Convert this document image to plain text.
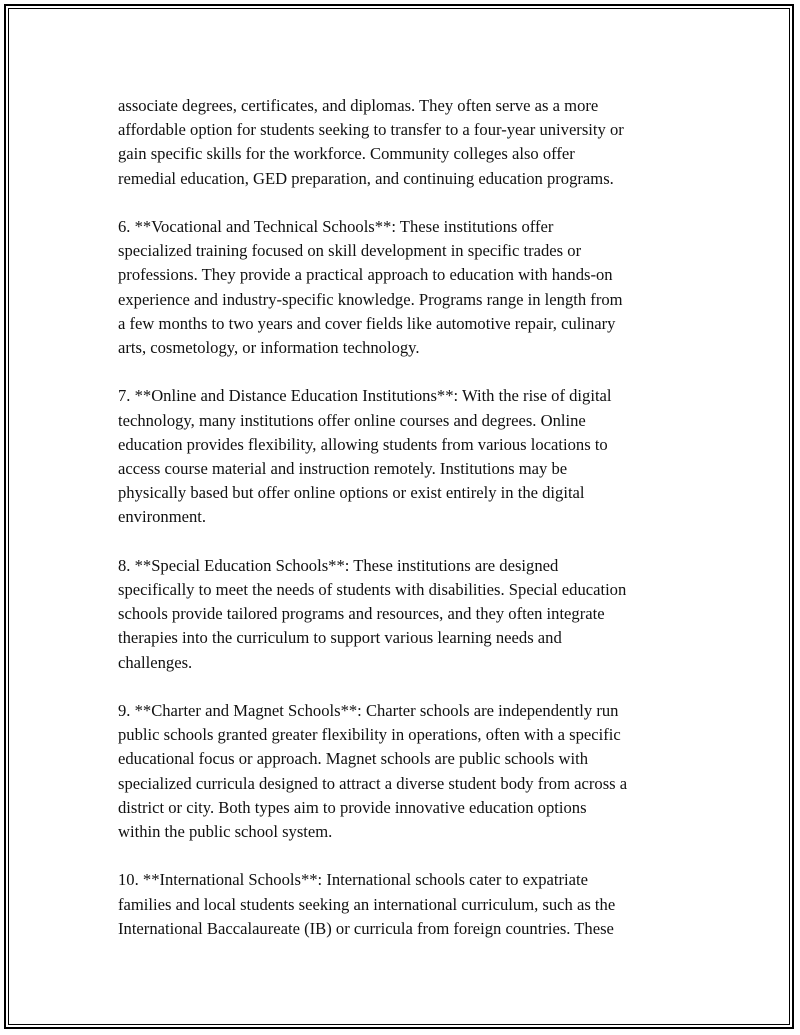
associate degrees, certificates, and diplomas. They often serve as a more
affordable option for students seeking to transfer to a four-year university or
gain specific skills for the workforce. Community colleges also offer
remedial education, GED preparation, and continuing education programs.

6. **Vocational and Technical Schools**: These institutions offer
specialized training focused on skill development in specific trades or
professions. They provide a practical approach to education with hands-on
experience and industry-specific knowledge. Programs range in length from
a few months to two years and cover fields like automotive repair, culinary
arts, cosmetology, or information technology.

7. **Online and Distance Education Institutions**: With the rise of digital
technology, many institutions offer online courses and degrees. Online
education provides flexibility, allowing students from various locations to
access course material and instruction remotely. Institutions may be
physically based but offer online options or exist entirely in the digital
environment.

8. **Special Education Schools**: These institutions are designed
specifically to meet the needs of students with disabilities. Special education
schools provide tailored programs and resources, and they often integrate
therapies into the curriculum to support various learning needs and
challenges.

9. **Charter and Magnet Schools**: Charter schools are independently run
public schools granted greater flexibility in operations, often with a specific
educational focus or approach. Magnet schools are public schools with
specialized curricula designed to attract a diverse student body from across a
district or city. Both types aim to provide innovative education options
within the public school system.

10. **International Schools**: International schools cater to expatriate
families and local students seeking an international curriculum, such as the
International Baccalaureate (IB) or curricula from foreign countries. These
